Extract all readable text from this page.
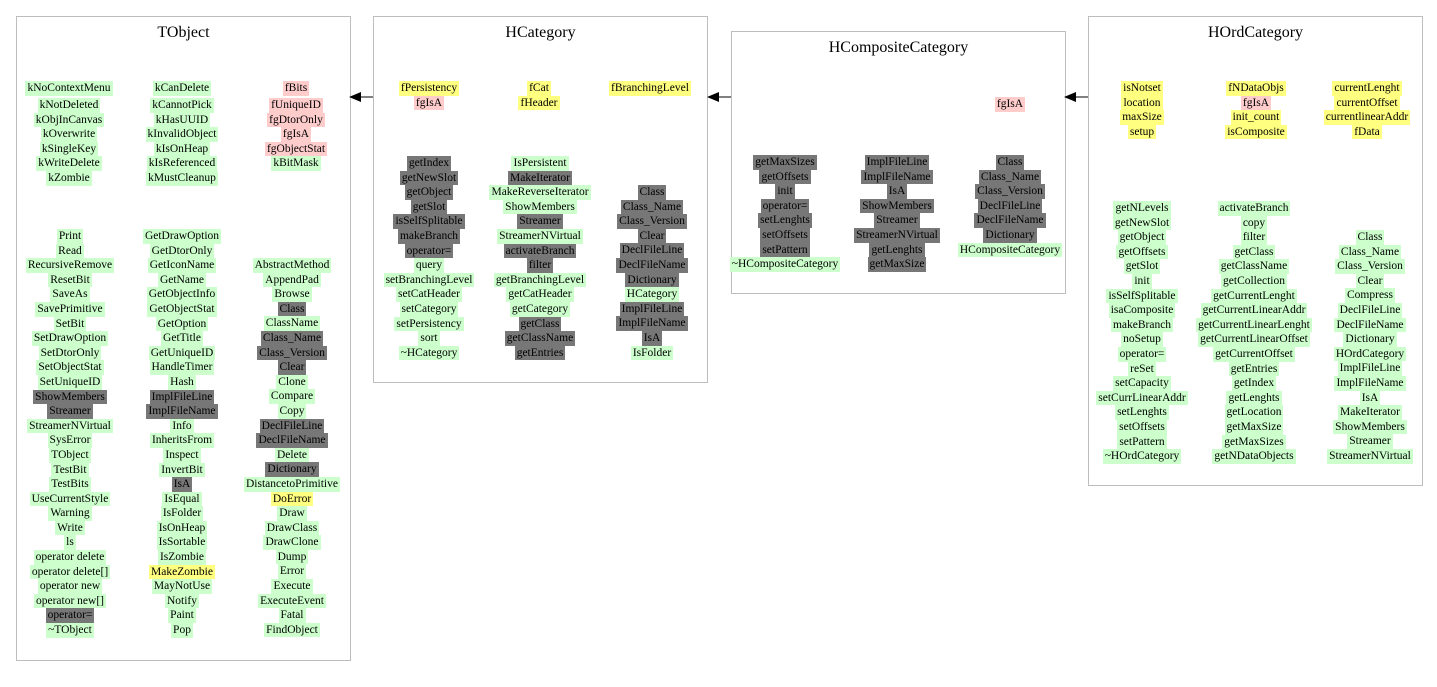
TObject
kNoContextMenu
kNotDeleted
kObjInCanvas
kOverwrite
kSingleKey
kWriteDelete
kZombie
kCanDelete
kCannotPick
kHasUUID
kInvalidObject
kIsOnHeap
kIsReferenced
kMustCleanup
fBits
fUniqueID
fgDtorOnly
fgIsA
fgObjectStat
kBitMask
Print
Read
RecursiveRemove
ResetBit
SaveAs
SavePrimitive
SetBit
SetDrawOption
SetDtorOnly
SetObjectStat
SetUniqueID
ShowMembers
Streamer
StreamerNVirtual
SysError
TObject
TestBit
TestBits
UseCurrentStyle
Warning
Write
ls
operator delete
operator delete[]
operator new
operator new[]
operator=
~TObject
GetDrawOption
GetDtorOnly
GetIconName
GetName
GetObjectInfo
GetObjectStat
GetOption
GetTitle
GetUniqueID
HandleTimer
Hash
ImplFileLine
ImplFileName
Info
InheritsFrom
Inspect
InvertBit
IsA
IsEqual
IsFolder
IsOnHeap
IsSortable
IsZombie
MakeZombie
MayNotUse
Notify
Paint
Pop
AbstractMethod
AppendPad
Browse
Class
ClassName
Class_Name
Class_Version
Clear
Clone
Compare
Copy
DeclFileLine
DeclFileName
Delete
Dictionary
DistancetoPrimitive
DoError
Draw
DrawClass
DrawClone
Dump
Error
Execute
ExecuteEvent
Fatal
FindObject
HCategory
fPersistency
fgIsA
fCat
fHeader
fBranchingLevel
getIndex
getNewSlot
getObject
getSlot
isSelfSplitable
makeBranch
operator=
query
setBranchingLevel
setCatHeader
setCategory
setPersistency
sort
~HCategory
IsPersistent
MakeIterator
MakeReverseIterator
ShowMembers
Streamer
StreamerNVirtual
activateBranch
filter
getBranchingLevel
getCatHeader
getCategory
getClass
getClassName
getEntries
Class
Class_Name
Class_Version
Clear
DeclFileLine
DeclFileName
Dictionary
HCategory
ImplFileLine
ImplFileName
IsA
IsFolder
HCompositeCategory
fgIsA
getMaxSizes
getOffsets
init
operator=
setLenghts
setOffsets
setPattern
~HCompositeCategory
ImplFileLine
ImplFileName
IsA
ShowMembers
Streamer
StreamerNVirtual
getLenghts
getMaxSize
Class
Class_Name
Class_Version
DeclFileLine
DeclFileName
Dictionary
HCompositeCategory
HOrdCategory
isNotset
location
maxSize
setup
fNDataObjs
fgIsA
init_count
isComposite
currentLenght
currentOffset
currentlinearAddr
fData
getNLevels
getNewSlot
getObject
getOffsets
getSlot
init
isSelfSplitable
isaComposite
makeBranch
noSetup
operator=
reSet
setCapacity
setCurrLinearAddr
setLenghts
setOffsets
setPattern
~HOrdCategory
activateBranch
copy
filter
getClass
getClassName
getCollection
getCurrentLenght
getCurrentLinearAddr
getCurrentLinearLenght
getCurrentLinearOffset
getCurrentOffset
getEntries
getIndex
getLenghts
getLocation
getMaxSize
getMaxSizes
getNDataObjects
Class
Class_Name
Class_Version
Clear
Compress
DeclFileLine
DeclFileName
Dictionary
HOrdCategory
ImplFileLine
ImplFileName
IsA
MakeIterator
ShowMembers
Streamer
StreamerNVirtual
